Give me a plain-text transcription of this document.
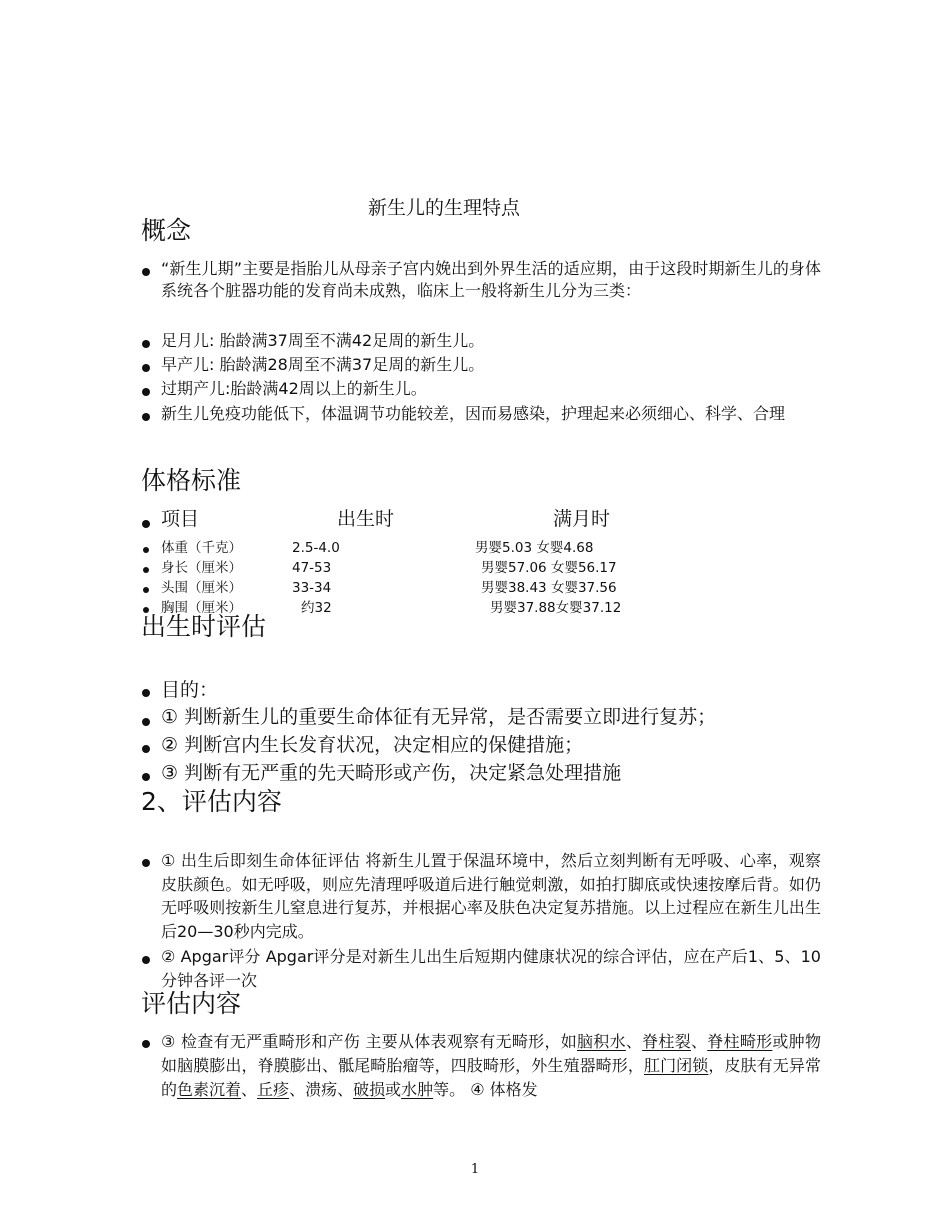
新生儿的生理特点
概念
“新生儿期”主要是指胎儿从母亲子宫内娩出到外界生活的适应期，由于这段时期新生儿的身体系统各个脏器功能的发育尚未成熟，临床上一般将新生儿分为三类：
足月儿: 胎龄满37周至不满42足周的新生儿。
早产儿: 胎龄满28周至不满37足周的新生儿。
过期产儿:胎龄满42周以上的新生儿。
新生儿免疫功能低下，体温调节功能较差，因而易感染，护理起来必须细心、科学、合理
体格标准
项目	出生时	满月时
体重（千克）	2.5-4.0	男婴5.03 女婴4.68
身长（厘米）	47-53	男婴57.06 女婴56.17
头围（厘米）	33-34	男婴38.43 女婴37.56
胸围（厘米）	约32	男婴37.88女婴37.12
出生时评估
目的：
① 判断新生儿的重要生命体征有无异常，是否需要立即进行复苏；
② 判断宫内生长发育状况，决定相应的保健措施；
③ 判断有无严重的先天畸形或产伤，决定紧急处理措施
2、评估内容
① 出生后即刻生命体征评估 将新生儿置于保温环境中，然后立刻判断有无呼吸、心率，观察皮肤颜色。如无呼吸，则应先清理呼吸道后进行触觉刺激，如拍打脚底或快速按摩后背。如仍无呼吸则按新生儿窒息进行复苏，并根据心率及肤色决定复苏措施。以上过程应在新生儿出生后20—30秒内完成。
② Apgar评分 Apgar评分是对新生儿出生后短期内健康状况的综合评估，应在产后1、5、10分钟各评一次
评估内容
③ 检查有无严重畸形和产伤 主要从体表观察有无畸形，如脑积水、脊柱裂、脊柱畸形或肿物如脑膜膨出，脊膜膨出、骶尾畸胎瘤等，四肢畸形，外生殖器畸形，肛门闭锁，皮肤有无异常的色素沉着、丘疹、溃疡、破损或水肿等。 ④ 体格发
1
